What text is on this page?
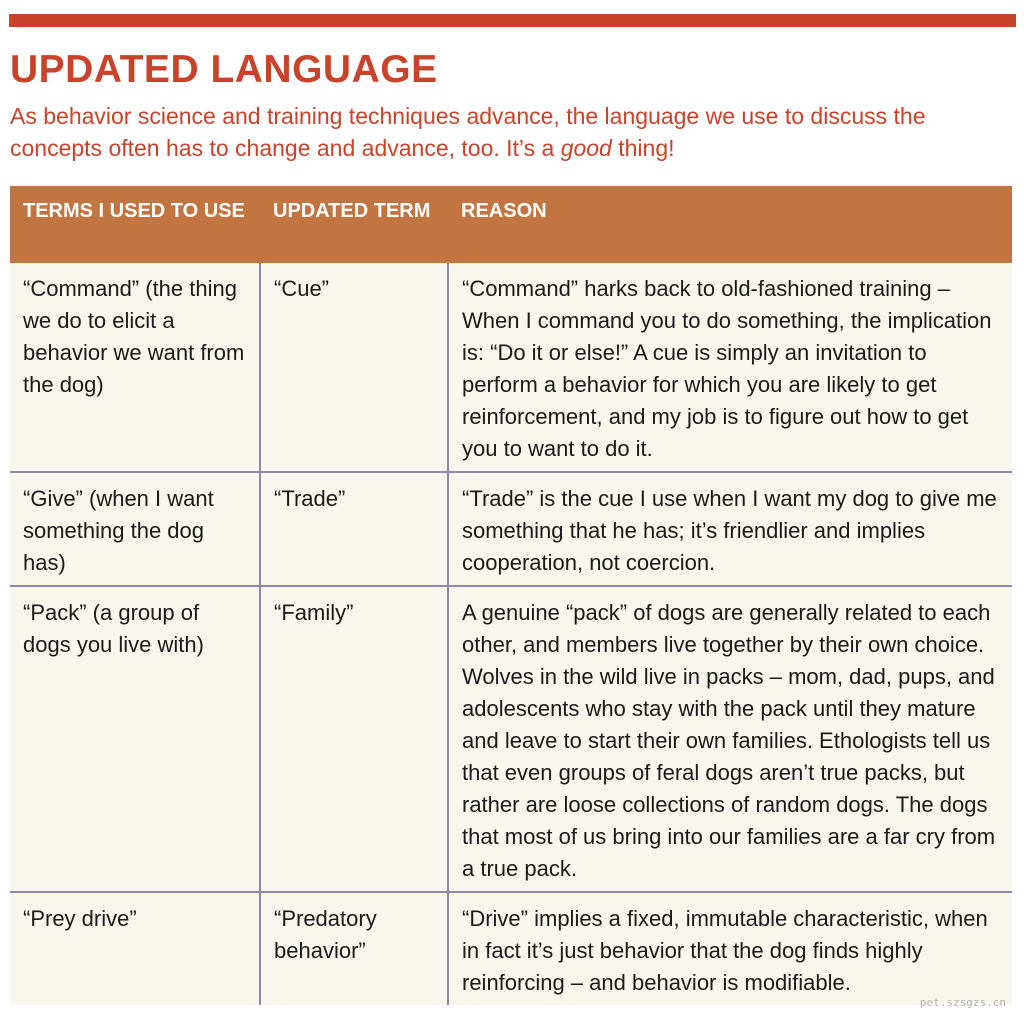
UPDATED LANGUAGE

As behavior science and training techniques advance, the language we use to discuss the concepts often has to change and advance, too. It’s a good thing!

TERMS I USED TO USE	UPDATED TERM	REASON
“Command” (the thing we do to elicit a behavior we want from the dog)	“Cue”	“Command” harks back to old-fashioned training – When I command you to do something, the implication is: “Do it or else!” A cue is simply an invitation to perform a behavior for which you are likely to get reinforcement, and my job is to figure out how to get you to want to do it.
“Give” (when I want something the dog has)	“Trade”	“Trade” is the cue I use when I want my dog to give me something that he has; it’s friendlier and implies cooperation, not coercion.
“Pack” (a group of dogs you live with)	“Family”	A genuine “pack” of dogs are generally related to each other, and members live together by their own choice. Wolves in the wild live in packs – mom, dad, pups, and adolescents who stay with the pack until they mature and leave to start their own families. Ethologists tell us that even groups of feral dogs aren’t true packs, but rather are loose collections of random dogs. The dogs that most of us bring into our families are a far cry from a true pack.
“Prey drive”	“Predatory behavior”	“Drive” implies a fixed, immutable characteristic, when in fact it’s just behavior that the dog finds highly reinforcing – and behavior is modifiable.
pet.szsgzs.cn
